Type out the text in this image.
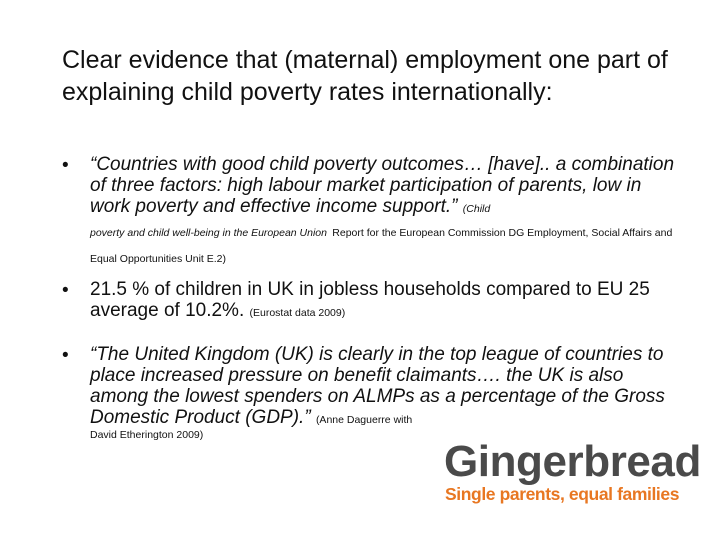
Clear evidence that (maternal) employment one part of explaining child poverty rates internationally:
• “Countries with good child poverty outcomes… [have].. a combination of three factors: high labour market participation of parents, low in work poverty and effective income support.” (Child
poverty and child well-being in the European Union Report for the European Commission DG Employment, Social Affairs and Equal Opportunities Unit E.2)
• 21.5 % of children in UK in jobless households compared to EU 25 average of 10.2%. (Eurostat data 2009)
• “The United Kingdom (UK) is clearly in the top league of countries to place increased pressure on benefit claimants…. the UK is also among the lowest spenders on ALMPs as a percentage of the Gross Domestic Product (GDP).” (Anne Daguerre with
David Etherington 2009)
G i n g e r b r e a d
Single parents, equal families
